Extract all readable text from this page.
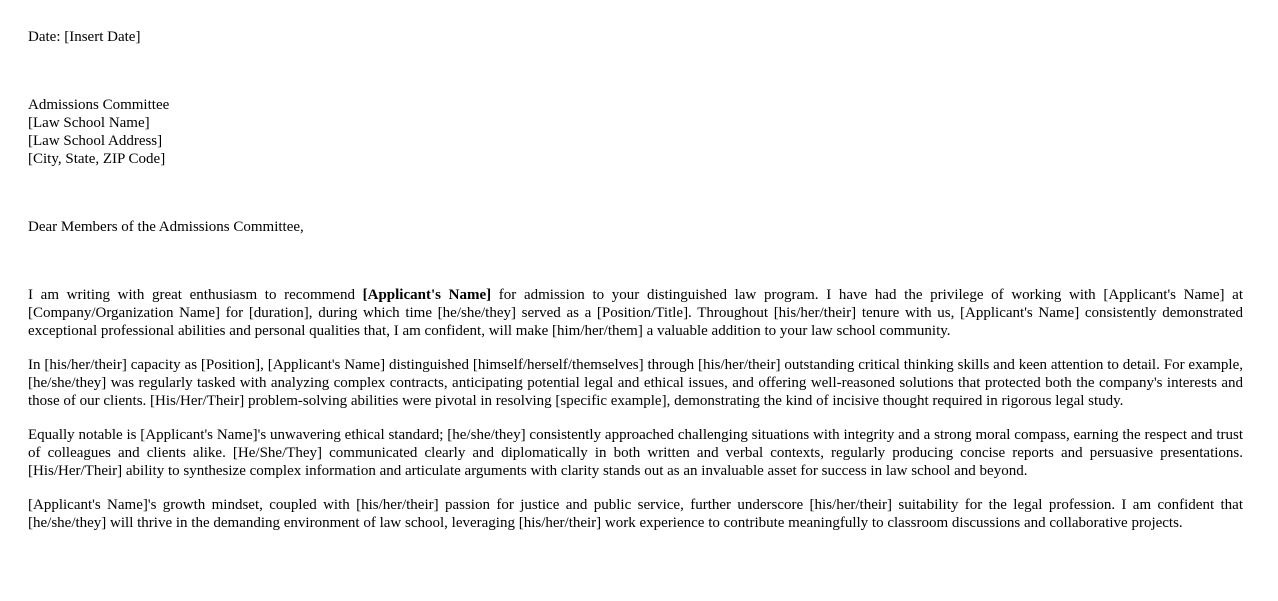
Date: [Insert Date]

Admissions Committee
[Law School Name]
[Law School Address]
[City, State, ZIP Code]

Dear Members of the Admissions Committee,

I am writing with great enthusiasm to recommend [Applicant's Name] for admission to your distinguished law program. I have had the privilege of working with [Applicant's Name] at [Company/Organization Name] for [duration], during which time [he/she/they] served as a [Position/Title]. Throughout [his/her/their] tenure with us, [Applicant's Name] consistently demonstrated exceptional professional abilities and personal qualities that, I am confident, will make [him/her/them] a valuable addition to your law school community.

In [his/her/their] capacity as [Position], [Applicant's Name] distinguished [himself/herself/themselves] through [his/her/their] outstanding critical thinking skills and keen attention to detail. For example, [he/she/they] was regularly tasked with analyzing complex contracts, anticipating potential legal and ethical issues, and offering well-reasoned solutions that protected both the company's interests and those of our clients. [His/Her/Their] problem-solving abilities were pivotal in resolving [specific example], demonstrating the kind of incisive thought required in rigorous legal study.

Equally notable is [Applicant's Name]'s unwavering ethical standard; [he/she/they] consistently approached challenging situations with integrity and a strong moral compass, earning the respect and trust of colleagues and clients alike. [He/She/They] communicated clearly and diplomatically in both written and verbal contexts, regularly producing concise reports and persuasive presentations. [His/Her/Their] ability to synthesize complex information and articulate arguments with clarity stands out as an invaluable asset for success in law school and beyond.

[Applicant's Name]'s growth mindset, coupled with [his/her/their] passion for justice and public service, further underscore [his/her/their] suitability for the legal profession. I am confident that [he/she/they] will thrive in the demanding environment of law school, leveraging [his/her/their] work experience to contribute meaningfully to classroom discussions and collaborative projects.
